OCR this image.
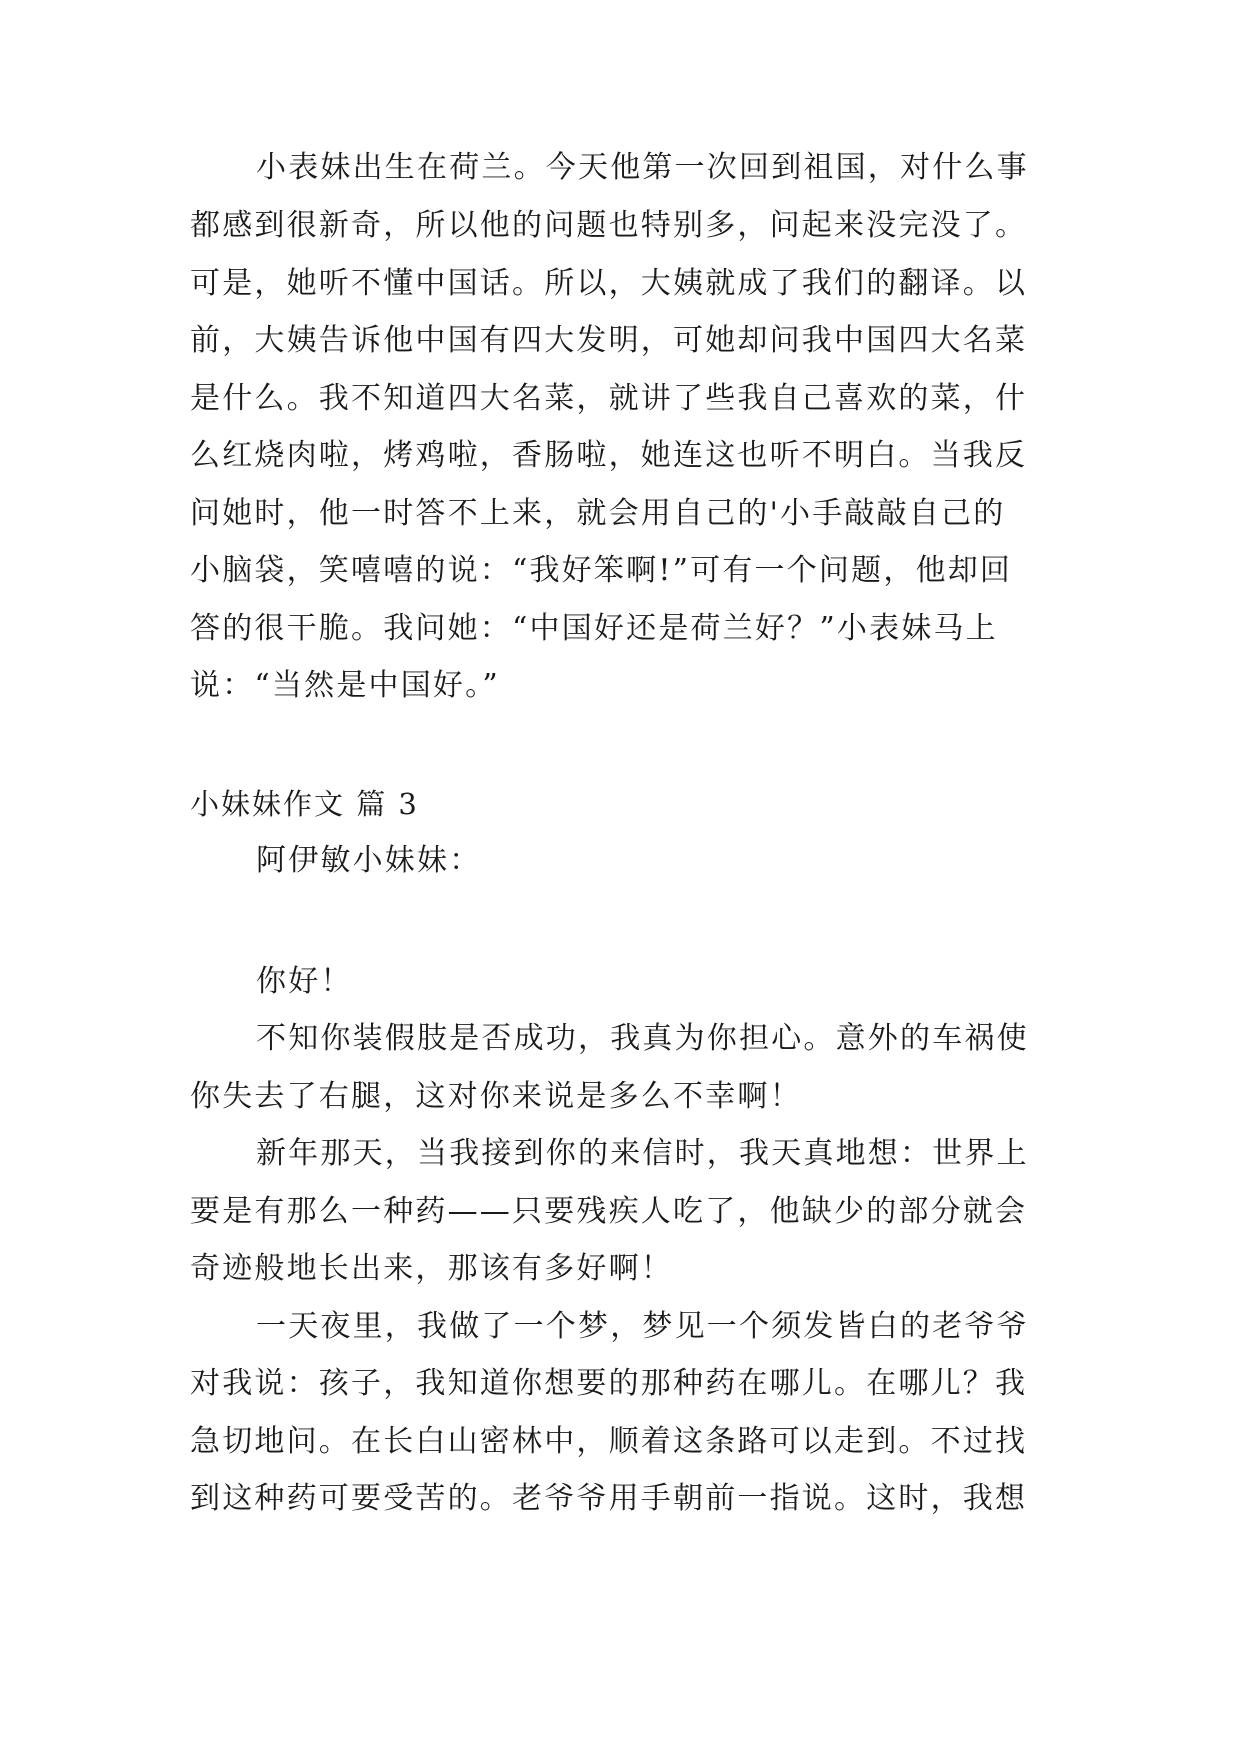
小表妹出生在荷兰。今天他第一次回到祖国，对什么事
都感到很新奇，所以他的问题也特别多，问起来没完没了。
可是，她听不懂中国话。所以，大姨就成了我们的翻译。以
前，大姨告诉他中国有四大发明，可她却问我中国四大名菜
是什么。我不知道四大名菜，就讲了些我自己喜欢的菜，什
么红烧肉啦，烤鸡啦，香肠啦，她连这也听不明白。当我反
问她时，他一时答不上来，就会用自己的'小手敲敲自己的
小脑袋，笑嘻嘻的说：“我好笨啊!”可有一个问题，他却回
答的很干脆。我问她：“中国好还是荷兰好？”小表妹马上
说：“当然是中国好。”
小妹妹作文 篇 3
阿伊敏小妹妹：
你好！
不知你装假肢是否成功，我真为你担心。意外的车祸使
你失去了右腿，这对你来说是多么不幸啊！
新年那天，当我接到你的来信时，我天真地想：世界上
要是有那么一种药——只要残疾人吃了，他缺少的部分就会
奇迹般地长出来，那该有多好啊！
一天夜里，我做了一个梦，梦见一个须发皆白的老爷爷
对我说：孩子，我知道你想要的那种药在哪儿。在哪儿？我
急切地问。在长白山密林中，顺着这条路可以走到。不过找
到这种药可要受苦的。老爷爷用手朝前一指说。这时，我想
